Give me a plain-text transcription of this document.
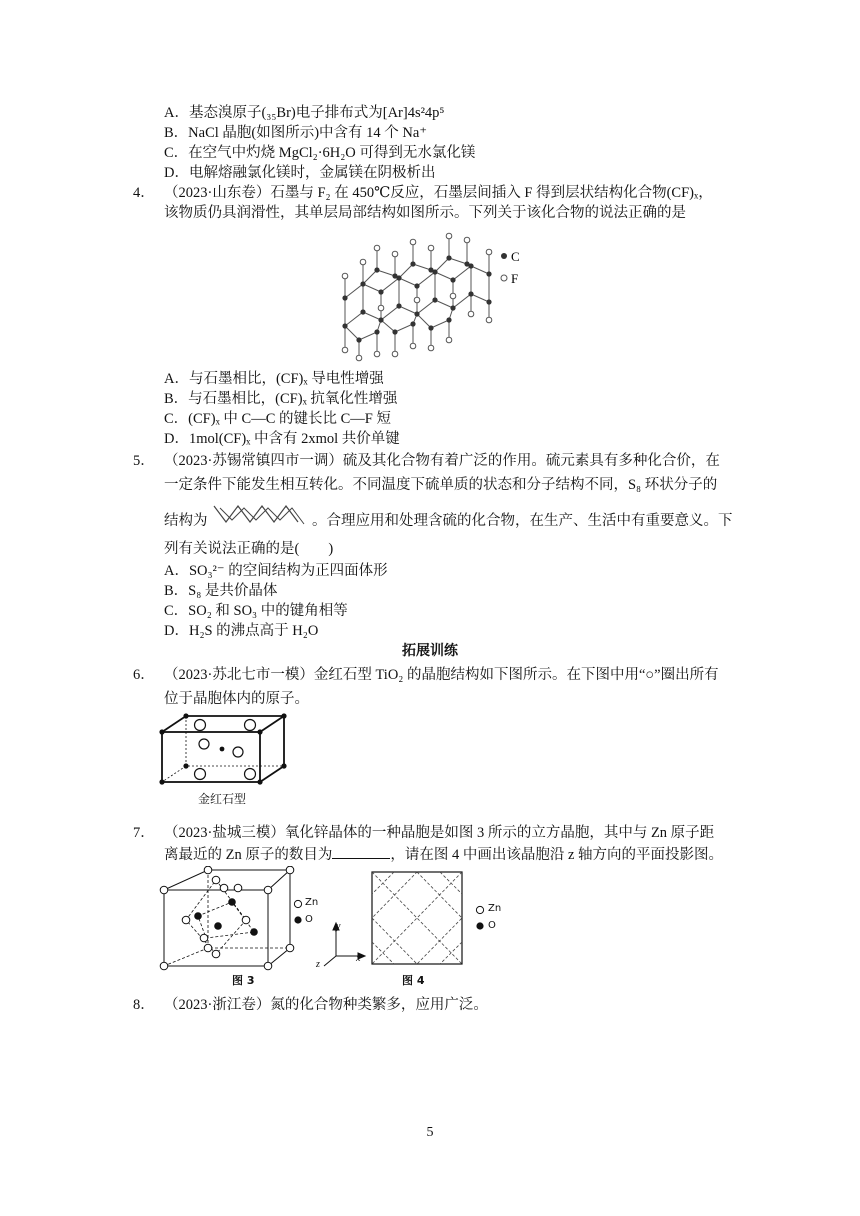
A．基态溴原子(₃₅Br)电子排布式为[Ar]4s²4p⁵
B．NaCl 晶胞(如图所示)中含有 14 个 Na⁺
C．在空气中灼烧 MgCl₂·6H₂O 可得到无水氯化镁
D．电解熔融氯化镁时，金属镁在阴极析出
4． （2023·山东卷）石墨与 F₂ 在 450℃反应，石墨层间插入 F 得到层状结构化合物(CF)ₓ，
该物质仍具润滑性，其单层局部结构如图所示。下列关于该化合物的说法正确的是
C
F
A．与石墨相比，(CF)ₓ 导电性增强
B．与石墨相比，(CF)ₓ 抗氧化性增强
C．(CF)ₓ 中 C—C 的键长比 C—F 短
D．1mol(CF)ₓ 中含有 2xmol 共价单键
5． （2023·苏锡常镇四市一调）硫及其化合物有着广泛的作用。硫元素具有多种化合价，在
一定条件下能发生相互转化。不同温度下硫单质的状态和分子结构不同，S₈ 环状分子的
结构为	。合理应用和处理含硫的化合物，在生产、生活中有重要意义。下
列有关说法正确的是(　　)
A．SO₃²⁻ 的空间结构为正四面体形
B．S₈ 是共价晶体
C．SO₂ 和 SO₃ 中的键角相等
D．H₂S 的沸点高于 H₂O
拓展训练
6． （2023·苏北七市一模）金红石型 TiO₂ 的晶胞结构如下图所示。在下图中用“○”圈出所有
位于晶胞体内的原子。
金红石型
7． （2023·盐城三模）氧化锌晶体的一种晶胞是如图 3 所示的立方晶胞，其中与 Zn 原子距
离最近的 Zn 原子的数目为	，请在图 4 中画出该晶胞沿 z 轴方向的平面投影图。
Zn
O
图 3
y
x
z
Zn
O
图 4
8． （2023·浙江卷）氮的化合物种类繁多，应用广泛。
5
